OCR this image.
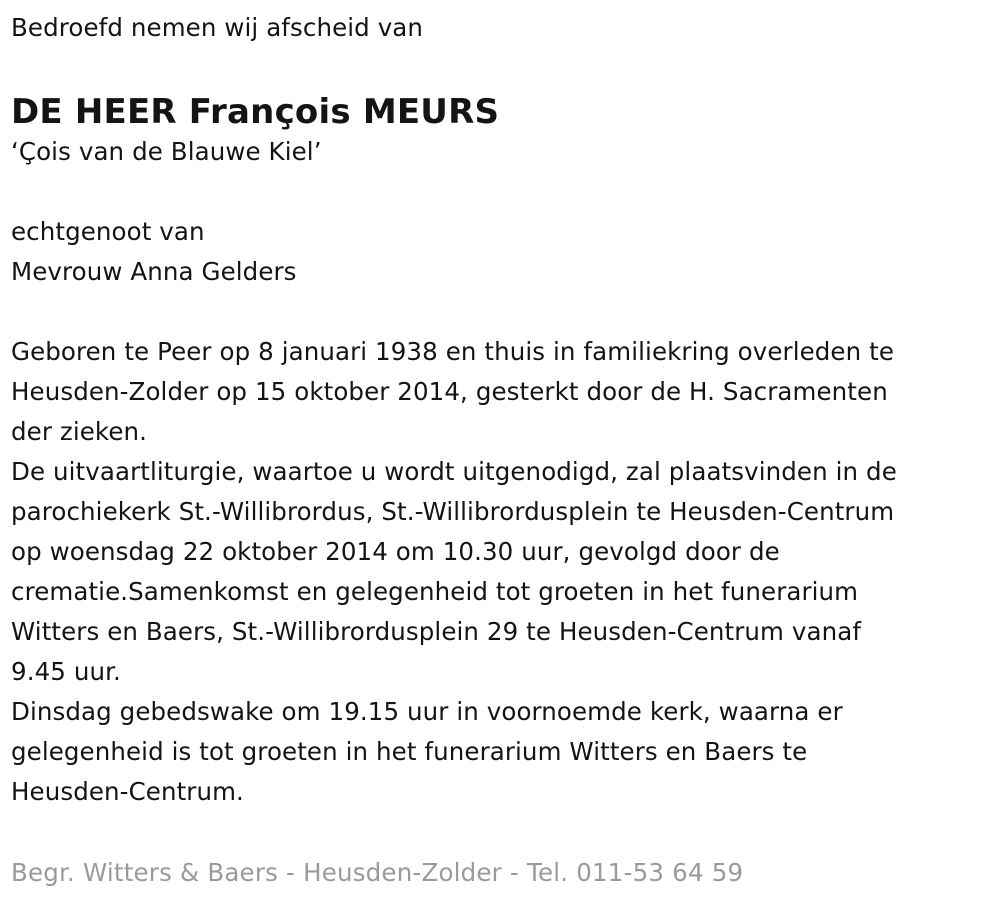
Bedroefd nemen wij afscheid van
DE HEER François MEURS
‘Çois van de Blauwe Kiel’
echtgenoot van
Mevrouw Anna Gelders
Geboren te Peer op 8 januari 1938 en thuis in familiekring overleden te
Heusden-Zolder op 15 oktober 2014, gesterkt door de H. Sacramenten
der zieken.
De uitvaartliturgie, waartoe u wordt uitgenodigd, zal plaatsvinden in de
parochiekerk St.-Willibrordus, St.-Willibrordusplein te Heusden-Centrum
op woensdag 22 oktober 2014 om 10.30 uur, gevolgd door de
crematie.Samenkomst en gelegenheid tot groeten in het funerarium
Witters en Baers, St.-Willibrordusplein 29 te Heusden-Centrum vanaf
9.45 uur.
Dinsdag gebedswake om 19.15 uur in voornoemde kerk, waarna er
gelegenheid is tot groeten in het funerarium Witters en Baers te
Heusden-Centrum.
Begr. Witters & Baers - Heusden-Zolder - Tel. 011-53 64 59
